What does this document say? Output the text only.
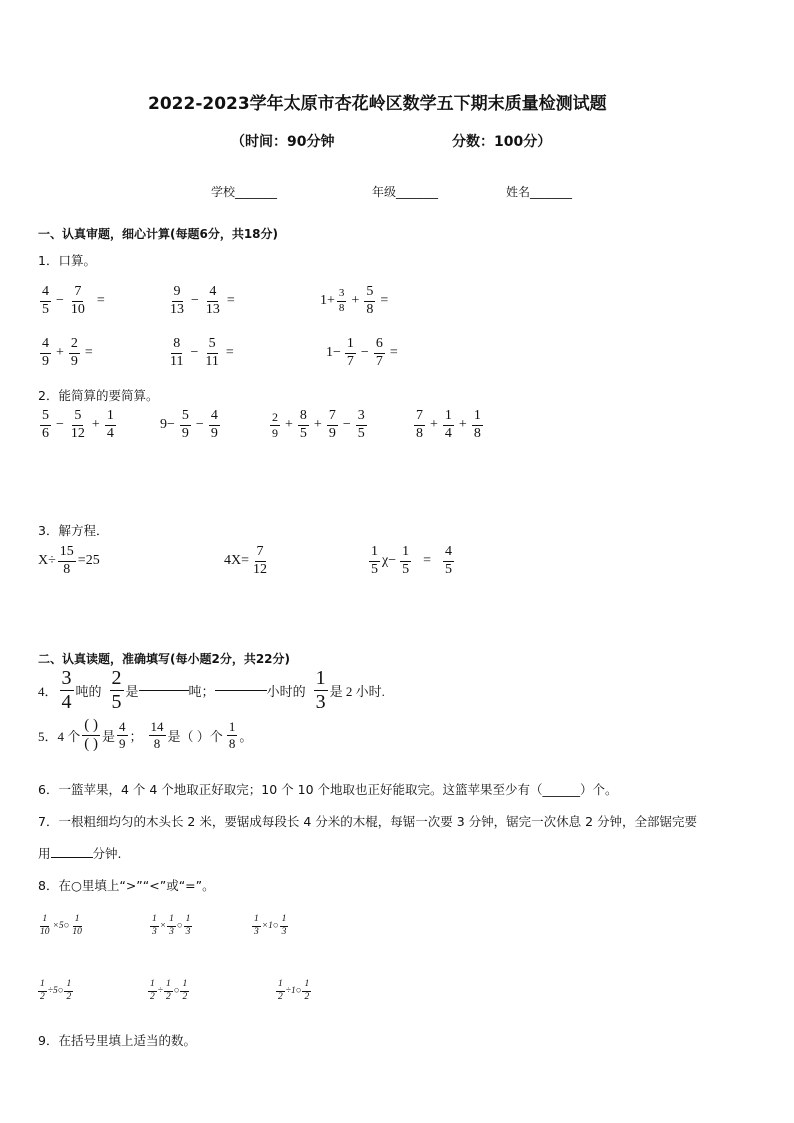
2022-2023学年太原市杏花岭区数学五下期末质量检测试题
（时间：90分钟	分数：100分）
学校_______	年级_______	姓名_______
一、认真审题，细心计算(每题6分，共18分)
1．口算。
$\frac{4}{5} - \frac{7}{10}$ =	$\frac{9}{13} - \frac{4}{13}$ =	$1+ \frac{3}{8} + \frac{5}{8}$ =
$\frac{4}{9} + \frac{2}{9}$ =	$\frac{8}{11} - \frac{5}{11}$ =	$1- \frac{1}{7} - \frac{6}{7}$ =
2．能简算的要简算。
$\frac{5}{6} - \frac{5}{12} + \frac{1}{4}$	$9- \frac{5}{9} - \frac{4}{9}$	$\frac{2}{9} + \frac{8}{5} + \frac{7}{9} - \frac{3}{5}$	$\frac{7}{8} + \frac{1}{4} + \frac{1}{8}$
3．解方程．
$X\div \frac{15}{8} =25$	$4X= \frac{7}{12}$	$\frac{1}{5} \chi- \frac{1}{5} = \frac{4}{5}$
二、认真读题，准确填写(每小题2分，共22分)
4． $\frac{3}{4}$ 吨的 $\frac{2}{5}$ 是	吨；	小时的 $\frac{1}{3}$ 是 2 小时.
5．4 个 $\frac{( )}{( )}$ 是 $\frac{4}{9}$ ； $\frac{14}{8}$ 是（ ）个 $\frac{1}{8}$ 。
6．一篮苹果，4 个 4 个地取正好取完；10 个 10 个地取也正好能取完。这篮苹果至少有（______）个。
7．一根粗细均匀的木头长 2 米，要锯成每段长 4 分米的木棍，每锯一次要 3 分钟，锯完一次休息 2 分钟，全部锯完要
用	分钟.
8．在○里填上“>”“<”或“=”。
$\frac{1}{10}$ ×5○ $\frac{1}{10}$	$\frac{1}{3} \times \frac{1}{3}$ ○ $\frac{1}{3}$	$\frac{1}{3}$ ×1○ $\frac{1}{3}$
$\frac{1}{2}$ ÷5○ $\frac{1}{2}$	$\frac{1}{2} \div \frac{1}{2}$ ○ $\frac{1}{2}$	$\frac{1}{2}$ ÷1○ $\frac{1}{2}$
9．在括号里填上适当的数。
